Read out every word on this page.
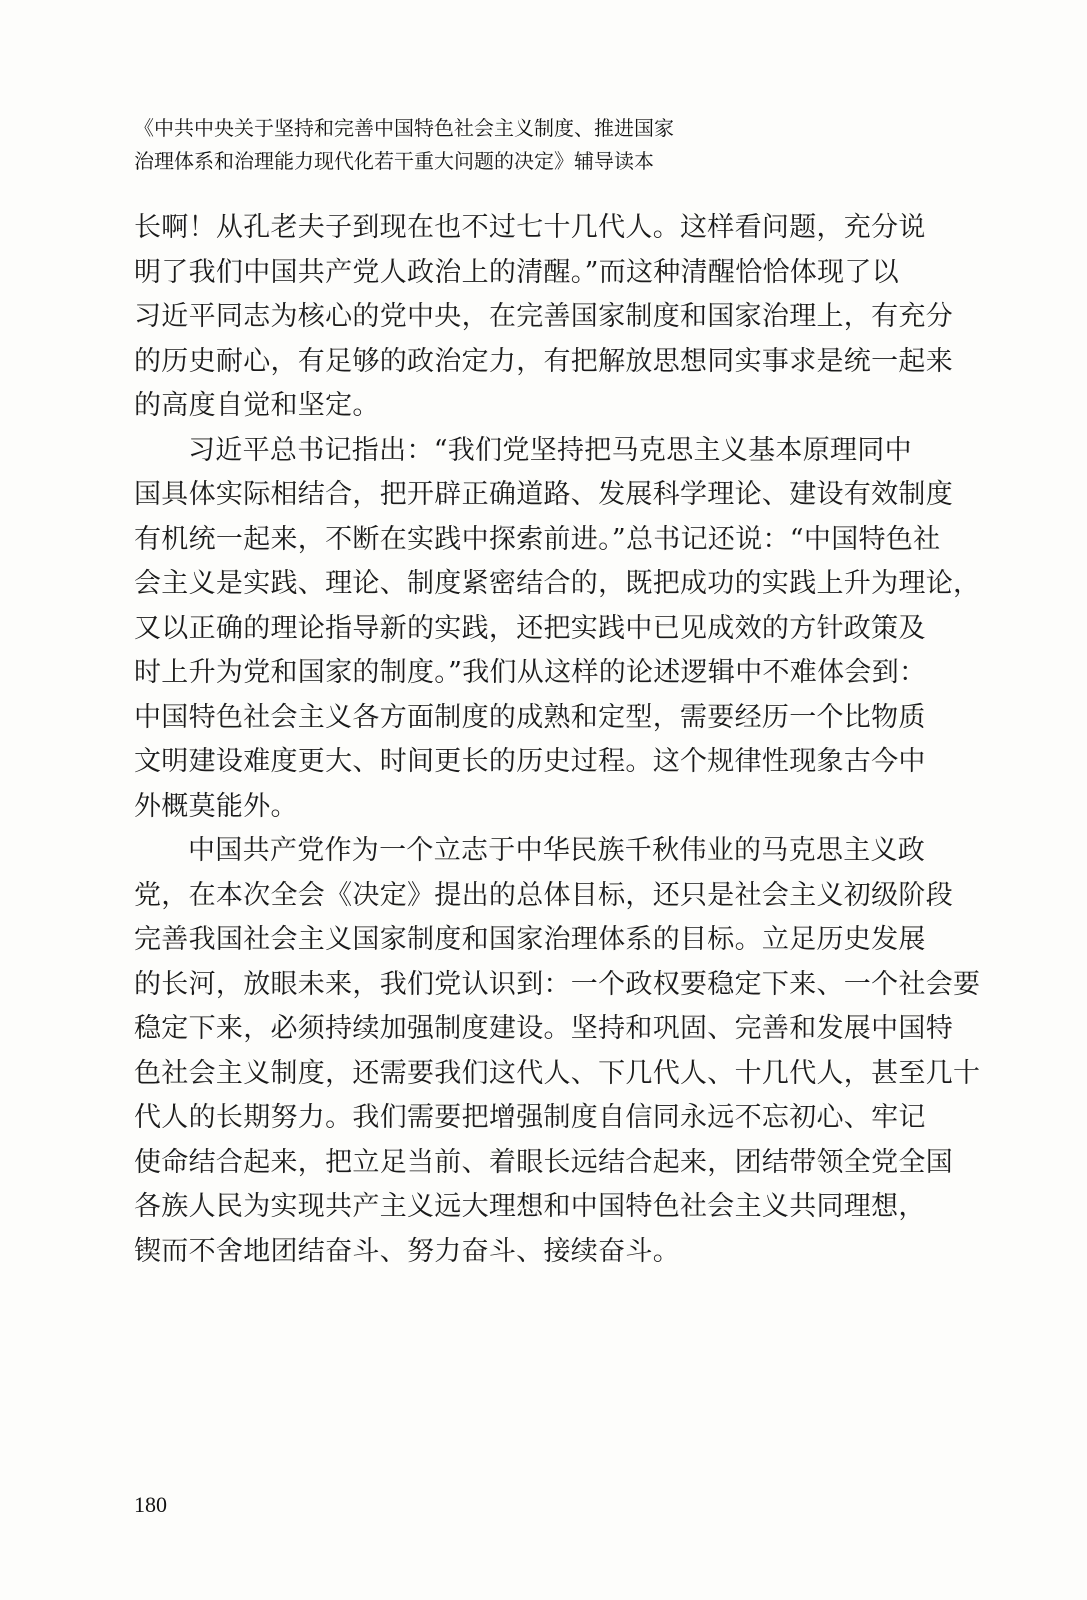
《中共中央关于坚持和完善中国特色社会主义制度、推进国家
治理体系和治理能力现代化若干重大问题的决定》辅导读本
长啊！从孔老夫子到现在也不过七十几代人。这样看问题，充分说
明了我们中国共产党人政治上的清醒。”而这种清醒恰恰体现了以
习近平同志为核心的党中央，在完善国家制度和国家治理上，有充分
的历史耐心，有足够的政治定力，有把解放思想同实事求是统一起来
的高度自觉和坚定。
习近平总书记指出：“我们党坚持把马克思主义基本原理同中
国具体实际相结合，把开辟正确道路、发展科学理论、建设有效制度
有机统一起来，不断在实践中探索前进。”总书记还说：“中国特色社
会主义是实践、理论、制度紧密结合的，既把成功的实践上升为理论，
又以正确的理论指导新的实践，还把实践中已见成效的方针政策及
时上升为党和国家的制度。”我们从这样的论述逻辑中不难体会到：
中国特色社会主义各方面制度的成熟和定型，需要经历一个比物质
文明建设难度更大、时间更长的历史过程。这个规律性现象古今中
外概莫能外。
中国共产党作为一个立志于中华民族千秋伟业的马克思主义政
党，在本次全会《决定》提出的总体目标，还只是社会主义初级阶段
完善我国社会主义国家制度和国家治理体系的目标。立足历史发展
的长河，放眼未来，我们党认识到：一个政权要稳定下来、一个社会要
稳定下来，必须持续加强制度建设。坚持和巩固、完善和发展中国特
色社会主义制度，还需要我们这代人、下几代人、十几代人，甚至几十
代人的长期努力。我们需要把增强制度自信同永远不忘初心、牢记
使命结合起来，把立足当前、着眼长远结合起来，团结带领全党全国
各族人民为实现共产主义远大理想和中国特色社会主义共同理想，
锲而不舍地团结奋斗、努力奋斗、接续奋斗。
180
